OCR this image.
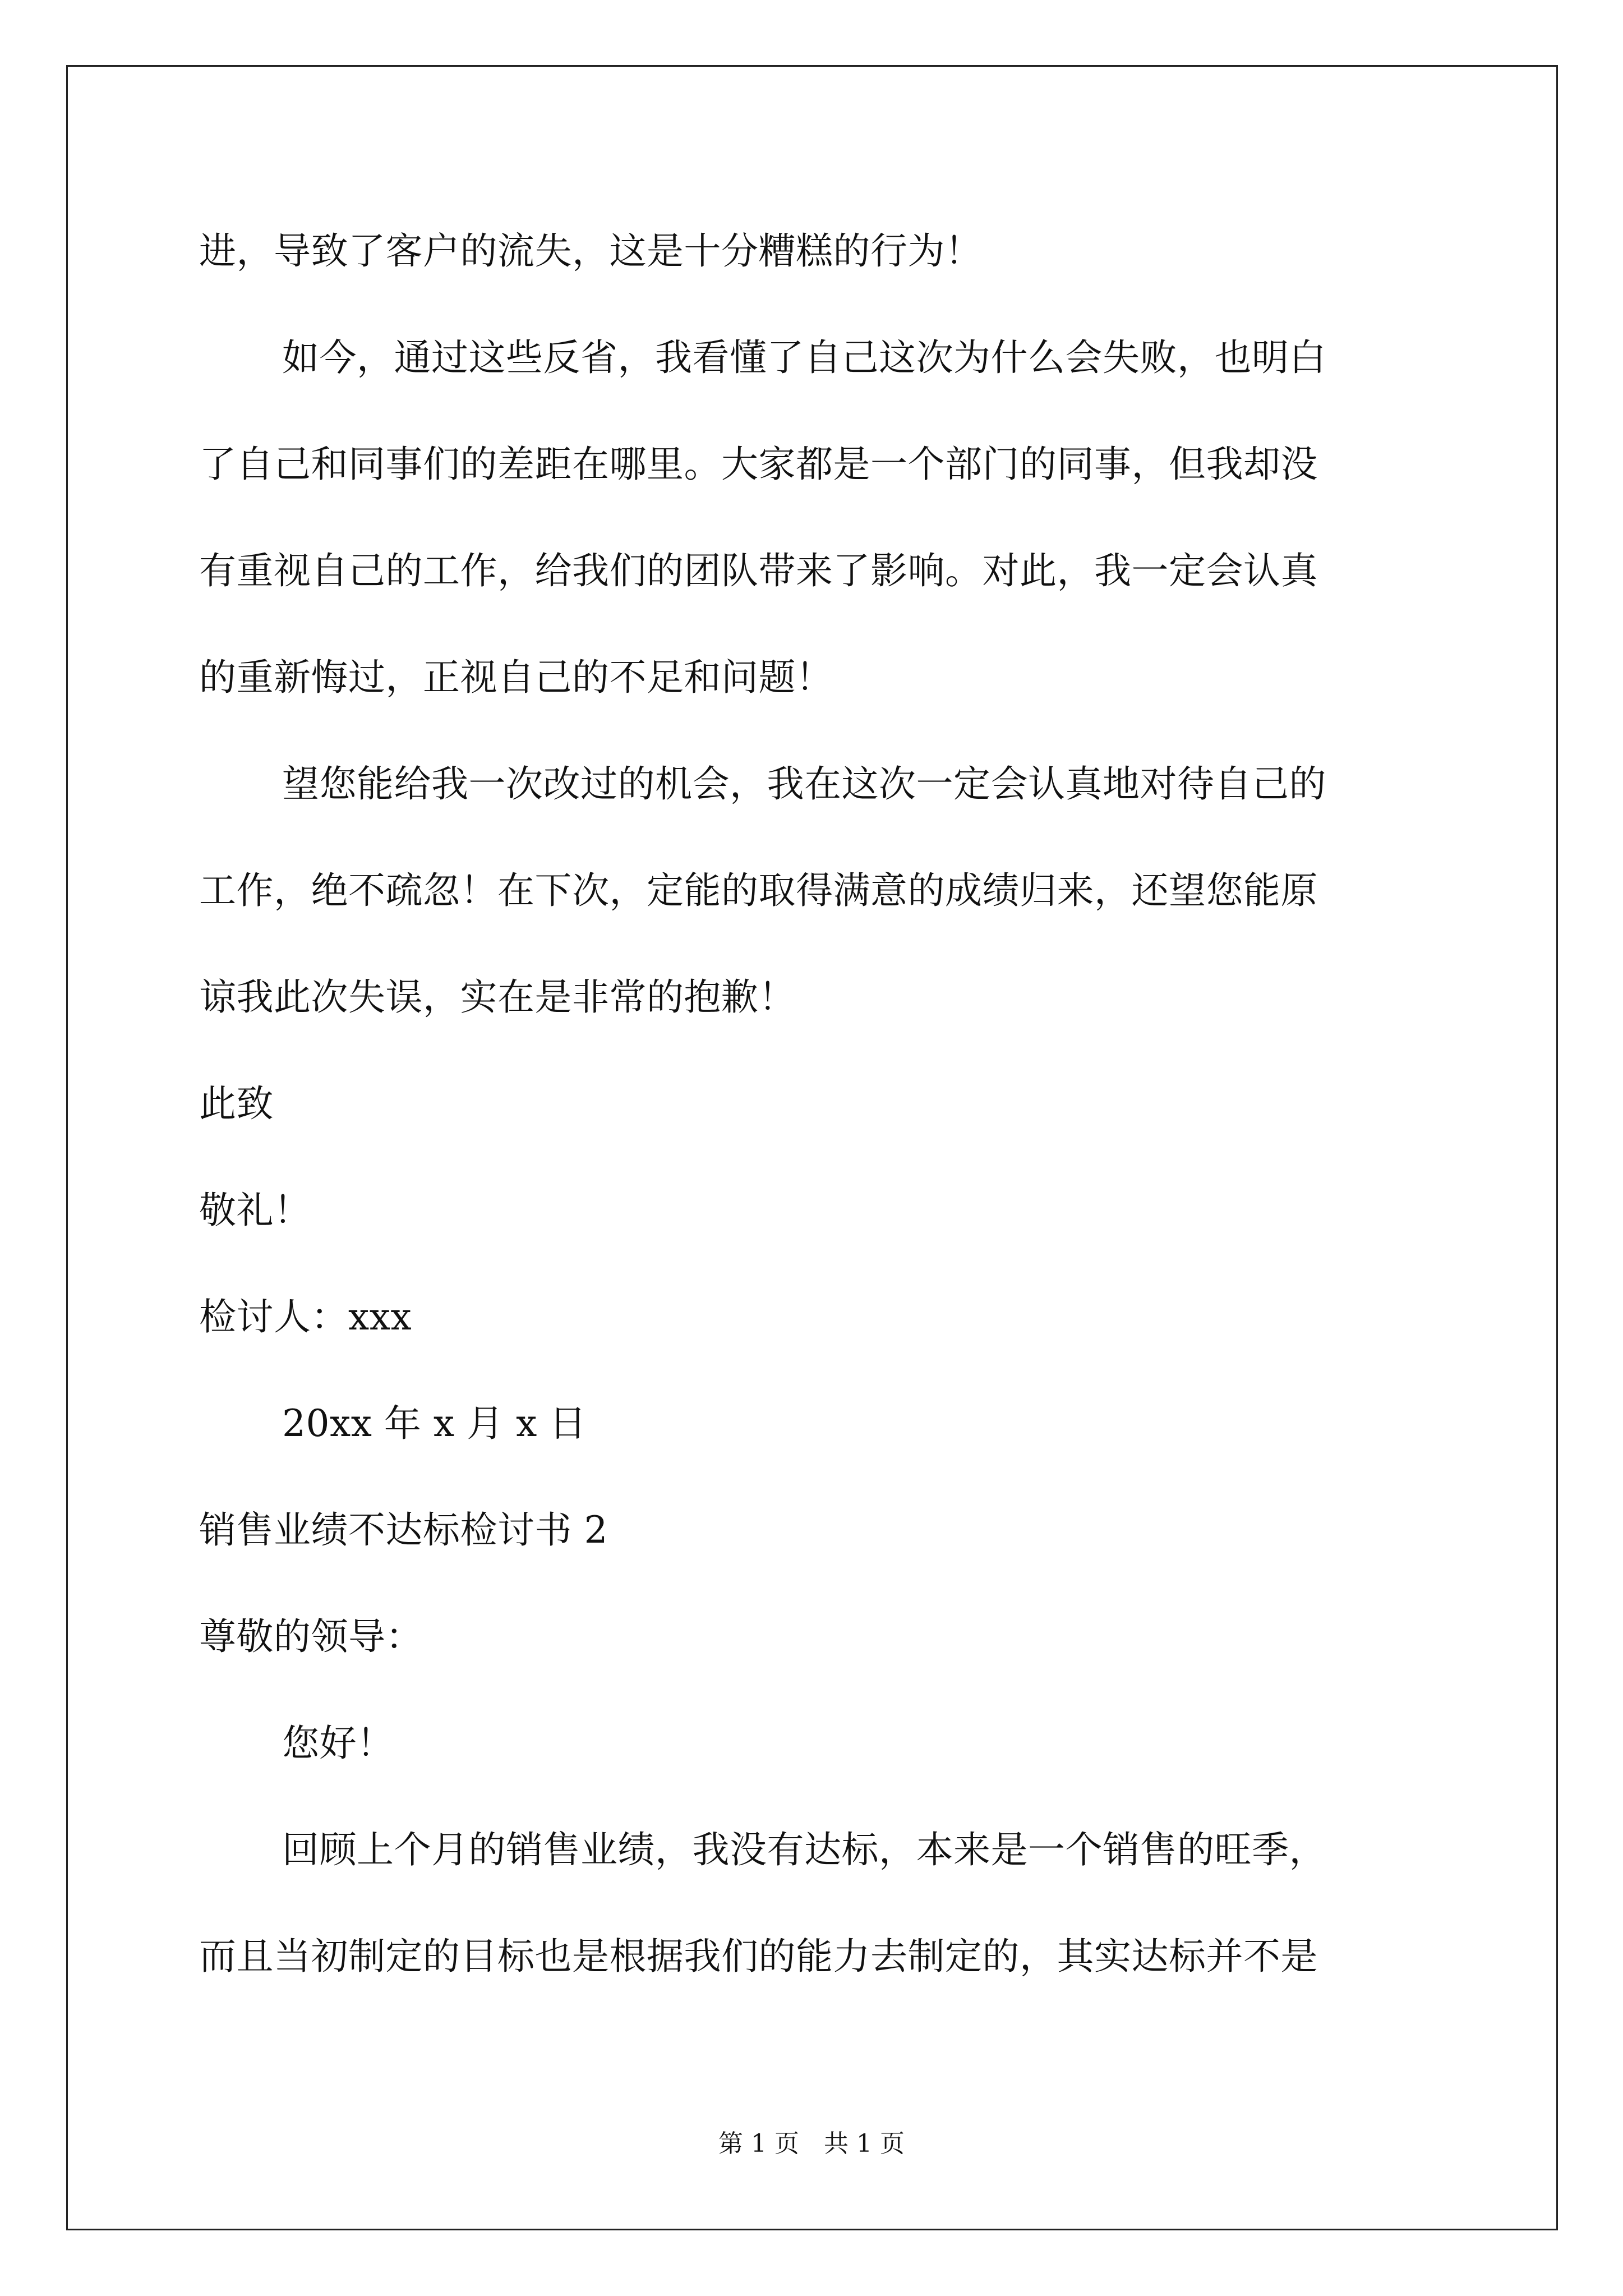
进，导致了客户的流失，这是十分糟糕的行为！
如今，通过这些反省，我看懂了自己这次为什么会失败，也明白
了自己和同事们的差距在哪里。大家都是一个部门的同事，但我却没
有重视自己的工作，给我们的团队带来了影响。对此，我一定会认真
的重新悔过，正视自己的不足和问题！
望您能给我一次改过的机会，我在这次一定会认真地对待自己的
工作，绝不疏忽！在下次，定能的取得满意的成绩归来，还望您能原
谅我此次失误，实在是非常的抱歉！
此致
敬礼！
检讨人：xxx
20xx 年 x 月 x 日
销售业绩不达标检讨书 2
尊敬的领导：
您好！
回顾上个月的销售业绩，我没有达标，本来是一个销售的旺季，
而且当初制定的目标也是根据我们的能力去制定的，其实达标并不是
第 1 页　共 1 页
